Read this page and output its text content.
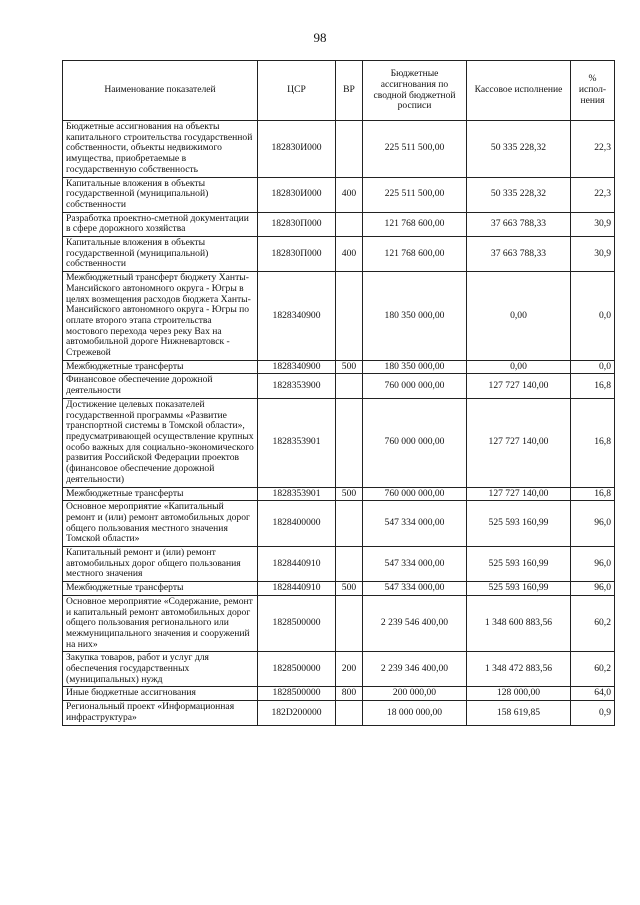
98
Наименование показателей	ЦСР	ВР	Бюджетные ассигнования по сводной бюджетной росписи	Кассовое исполнение	% испол-нения
Бюджетные ассигнования на объекты капитального строительства государственной собственности, объекты недвижимого имущества, приобретаемые в государственную собственность	182830И000		225 511 500,00	50 335 228,32	22,3
Капитальные вложения в объекты государственной (муниципальной) собственности	182830И000	400	225 511 500,00	50 335 228,32	22,3
Разработка проектно-сметной документации в сфере дорожного хозяйства	182830П000		121 768 600,00	37 663 788,33	30,9
Капитальные вложения в объекты государственной (муниципальной) собственности	182830П000	400	121 768 600,00	37 663 788,33	30,9
Межбюджетный трансферт бюджету Ханты-Мансийского автономного округа - Югры в целях возмещения расходов бюджета Ханты-Мансийского автономного округа - Югры по оплате второго этапа строительства мостового перехода через реку Вах на автомобильной дороге Нижневартовск - Стрежевой	1828340900		180 350 000,00	0,00	0,0
Межбюджетные трансферты	1828340900	500	180 350 000,00	0,00	0,0
Финансовое обеспечение дорожной деятельности	1828353900		760 000 000,00	127 727 140,00	16,8
Достижение целевых показателей государственной программы «Развитие транспортной системы в Томской области», предусматривающей осуществление крупных особо важных для социально-экономического развития Российской Федерации проектов (финансовое обеспечение дорожной деятельности)	1828353901		760 000 000,00	127 727 140,00	16,8
Межбюджетные трансферты	1828353901	500	760 000 000,00	127 727 140,00	16,8
Основное мероприятие «Капитальный ремонт и (или) ремонт автомобильных дорог общего пользования местного значения Томской области»	1828400000		547 334 000,00	525 593 160,99	96,0
Капитальный ремонт и (или) ремонт автомобильных дорог общего пользования местного значения	1828440910		547 334 000,00	525 593 160,99	96,0
Межбюджетные трансферты	1828440910	500	547 334 000,00	525 593 160,99	96,0
Основное мероприятие «Содержание, ремонт и капитальный ремонт автомобильных дорог общего пользования регионального или межмуниципального значения и сооружений на них»	1828500000		2 239 546 400,00	1 348 600 883,56	60,2
Закупка товаров, работ и услуг для обеспечения государственных (муниципальных) нужд	1828500000	200	2 239 346 400,00	1 348 472 883,56	60,2
Иные бюджетные ассигнования	1828500000	800	200 000,00	128 000,00	64,0
Региональный проект «Информационная инфраструктура»	182D200000		18 000 000,00	158 619,85	0,9
